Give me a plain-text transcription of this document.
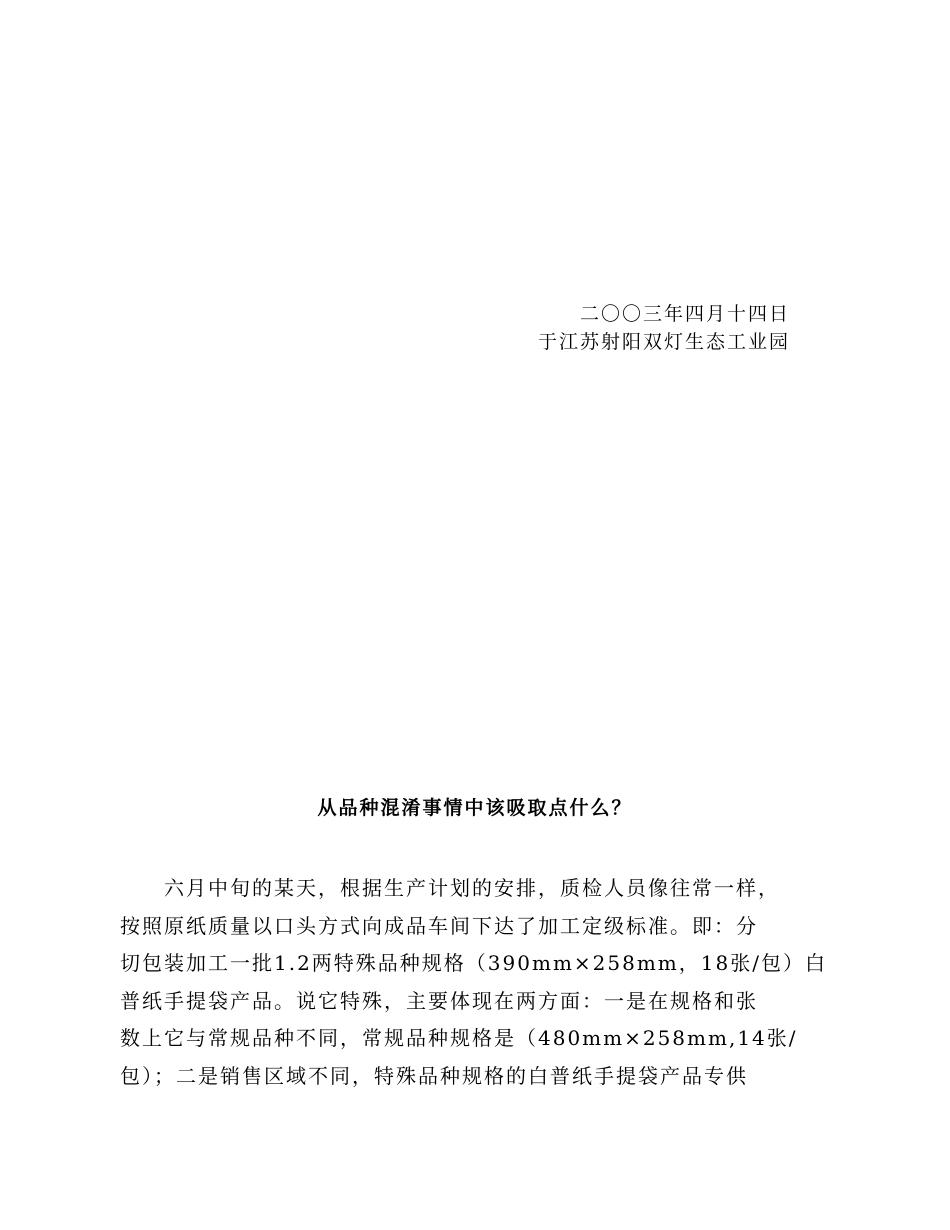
二〇〇三年四月十四日
于江苏射阳双灯生态工业园
从品种混淆事情中该吸取点什么？
六月中旬的某天，根据生产计划的安排，质检人员像往常一样，
按照原纸质量以口头方式向成品车间下达了加工定级标准。即：分
切包装加工一批1.2两特殊品种规格（390mm×258mm，18张/包）白
普纸手提袋产品。说它特殊，主要体现在两方面：一是在规格和张
数上它与常规品种不同，常规品种规格是（480mm×258mm,14张/
包）；二是销售区域不同，特殊品种规格的白普纸手提袋产品专供
